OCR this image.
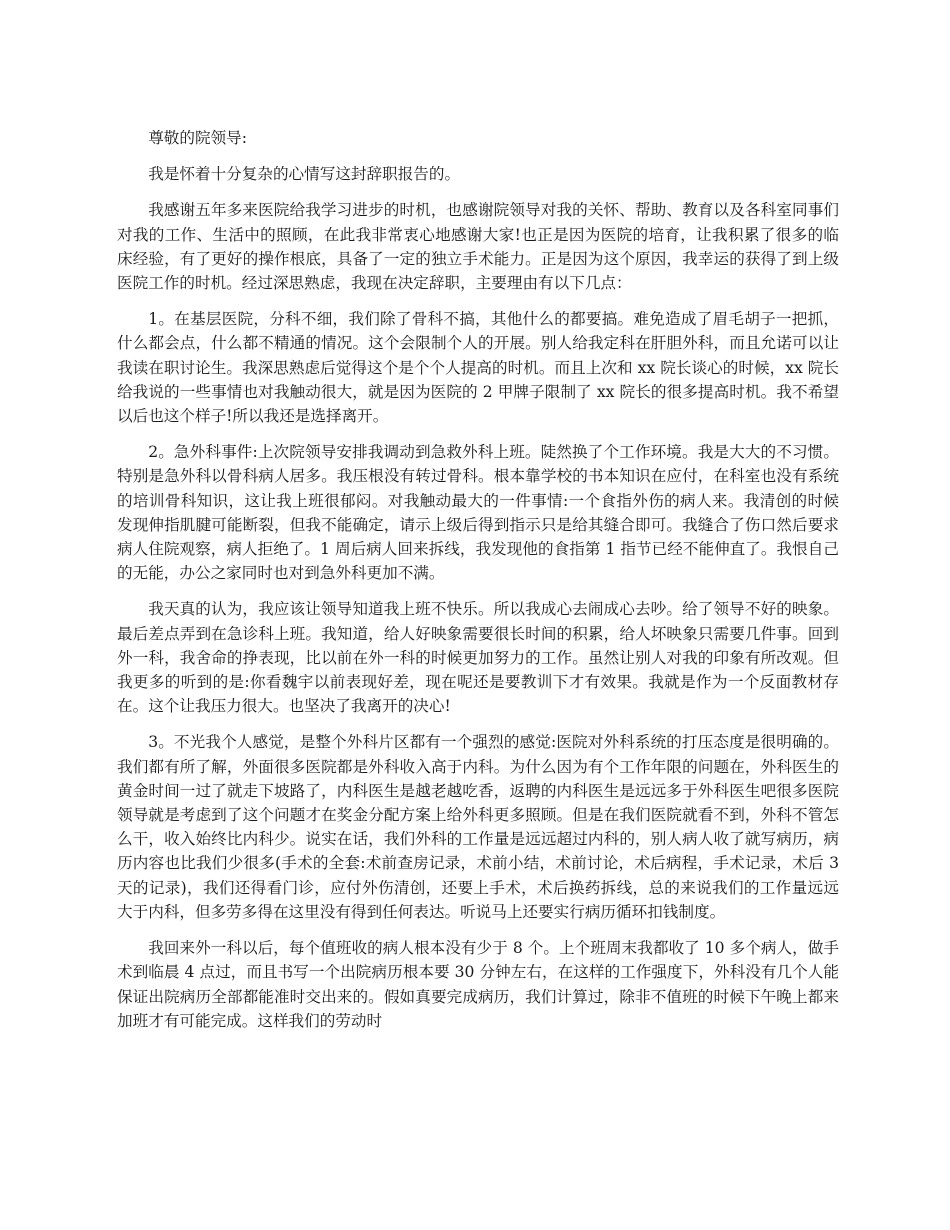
尊敬的院领导:

我是怀着十分复杂的心情写这封辞职报告的。

我感谢五年多来医院给我学习进步的时机，也感谢院领导对我的关怀、帮助、教育以及各科室同事们对我的工作、生活中的照顾，在此我非常衷心地感谢大家!也正是因为医院的培育，让我积累了很多的临床经验，有了更好的操作根底，具备了一定的独立手术能力。正是因为这个原因，我幸运的获得了到上级医院工作的时机。经过深思熟虑，我现在决定辞职，主要理由有以下几点：

1。在基层医院，分科不细，我们除了骨科不搞，其他什么的都要搞。难免造成了眉毛胡子一把抓，什么都会点，什么都不精通的情况。这个会限制个人的开展。别人给我定科在肝胆外科，而且允诺可以让我读在职讨论生。我深思熟虑后觉得这个是个个人提高的时机。而且上次和 xx 院长谈心的时候，xx 院长给我说的一些事情也对我触动很大，就是因为医院的 2 甲牌子限制了 xx 院长的很多提高时机。我不希望以后也这个样子!所以我还是选择离开。

2。急外科事件:上次院领导安排我调动到急救外科上班。陡然换了个工作环境。我是大大的不习惯。特别是急外科以骨科病人居多。我压根没有转过骨科。根本靠学校的书本知识在应付，在科室也没有系统的培训骨科知识，这让我上班很郁闷。对我触动最大的一件事情:一个食指外伤的病人来。我清创的时候发现伸指肌腱可能断裂，但我不能确定，请示上级后得到指示只是给其缝合即可。我缝合了伤口然后要求病人住院观察，病人拒绝了。1 周后病人回来拆线，我发现他的食指第 1 指节已经不能伸直了。我恨自己的无能，办公之家同时也对到急外科更加不满。

我天真的认为，我应该让领导知道我上班不快乐。所以我成心去闹成心去吵。给了领导不好的映象。最后差点弄到在急诊科上班。我知道，给人好映象需要很长时间的积累，给人坏映象只需要几件事。回到外一科，我舍命的挣表现，比以前在外一科的时候更加努力的工作。虽然让别人对我的印象有所改观。但我更多的听到的是:你看魏宇以前表现好差，现在呢还是要教训下才有效果。我就是作为一个反面教材存在。这个让我压力很大。也坚决了我离开的决心!

3。不光我个人感觉，是整个外科片区都有一个强烈的感觉:医院对外科系统的打压态度是很明确的。我们都有所了解，外面很多医院都是外科收入高于内科。为什么因为有个工作年限的问题在，外科医生的黄金时间一过了就走下坡路了，内科医生是越老越吃香，返聘的内科医生是远远多于外科医生吧很多医院领导就是考虑到了这个问题才在奖金分配方案上给外科更多照顾。但是在我们医院就看不到，外科不管怎么干，收入始终比内科少。说实在话，我们外科的工作量是远远超过内科的，别人病人收了就写病历，病历内容也比我们少很多(手术的全套:术前查房记录，术前小结，术前讨论，术后病程，手术记录，术后 3 天的记录)，我们还得看门诊，应付外伤清创，还要上手术，术后换药拆线，总的来说我们的工作量远远大于内科，但多劳多得在这里没有得到任何表达。听说马上还要实行病历循环扣钱制度。

我回来外一科以后，每个值班收的病人根本没有少于 8 个。上个班周末我都收了 10 多个病人，做手术到临晨 4 点过，而且书写一个出院病历根本要 30 分钟左右，在这样的工作强度下，外科没有几个人能保证出院病历全部都能准时交出来的。假如真要完成病历，我们计算过，除非不值班的时候下午晚上都来加班才有可能完成。这样我们的劳动时
